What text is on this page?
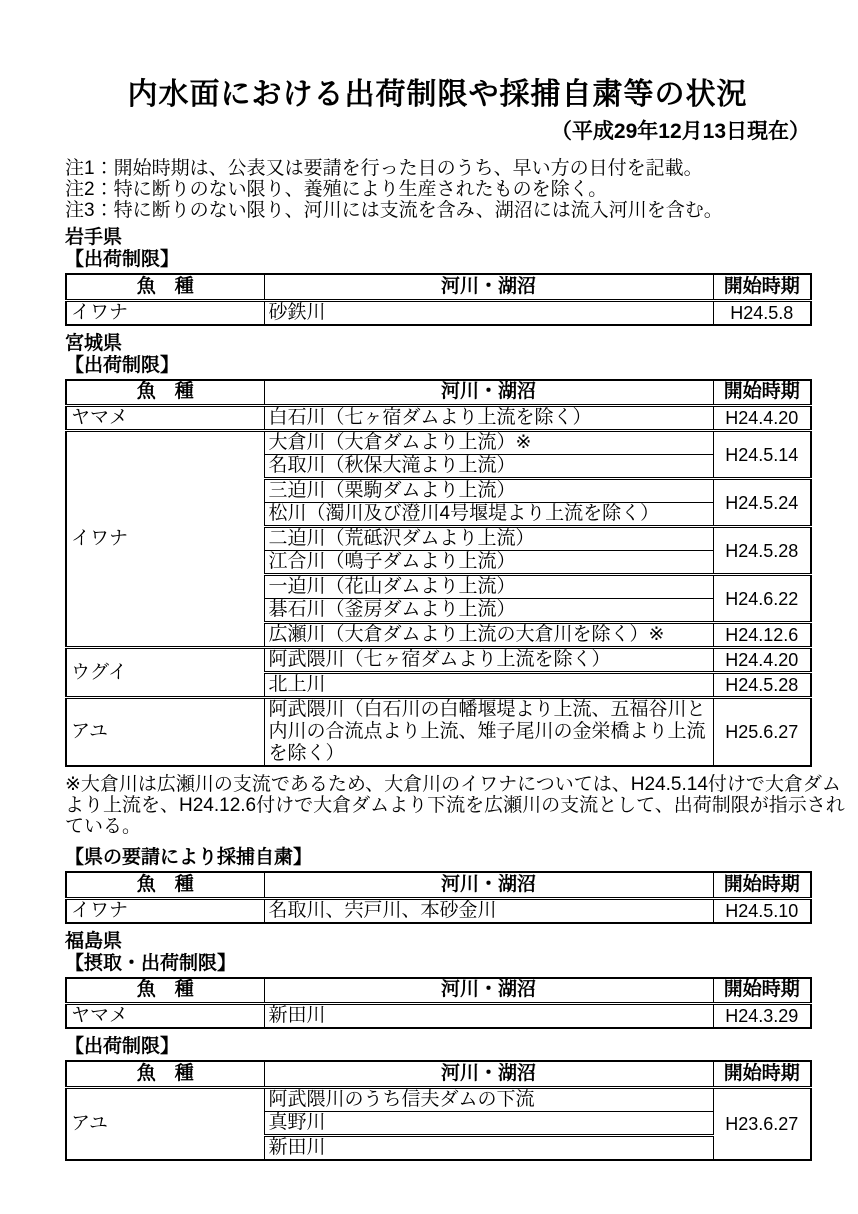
内水面における出荷制限や採捕自粛等の状況
（平成29年12月13日現在）
注1：開始時期は、公表又は要請を行った日のうち、早い方の日付を記載。
注2：特に断りのない限り、養殖により生産されたものを除く。
注3：特に断りのない限り、河川には支流を含み、湖沼には流入河川を含む。
岩手県
【出荷制限】
魚　種	河川・湖沼	開始時期
イワナ	砂鉄川	H24.5.8
宮城県
【出荷制限】
魚　種	河川・湖沼	開始時期
ヤマメ	白石川（七ヶ宿ダムより上流を除く）	H24.4.20
イワナ	大倉川（大倉ダムより上流）※	H24.5.14
	名取川（秋保大滝より上流）	
	三迫川（栗駒ダムより上流）	H24.5.24
	松川（濁川及び澄川4号堰堤より上流を除く）	
	二迫川（荒砥沢ダムより上流）	H24.5.28
	江合川（鳴子ダムより上流）	
	一迫川（花山ダムより上流）	H24.6.22
	碁石川（釜房ダムより上流）	
	広瀬川（大倉ダムより上流の大倉川を除く）※	H24.12.6
ウグイ	阿武隈川（七ヶ宿ダムより上流を除く）	H24.4.20
	北上川	H24.5.28
アユ	阿武隈川（白石川の白幡堰堤より上流、五福谷川と内川の合流点より上流、雉子尾川の金栄橋より上流を除く）	H25.6.27

※大倉川は広瀬川の支流であるため、大倉川のイワナについては、H24.5.14付けで大倉ダムより上流を、H24.12.6付けで大倉ダムより下流を広瀬川の支流として、出荷制限が指示されている。

【県の要請により採捕自粛】
魚　種	河川・湖沼	開始時期
イワナ	名取川、宍戸川、本砂金川	H24.5.10
福島県
【摂取・出荷制限】
魚　種	河川・湖沼	開始時期
ヤマメ	新田川	H24.3.29
【出荷制限】
魚　種	河川・湖沼	開始時期
アユ	阿武隈川のうち信夫ダムの下流	H23.6.27
	真野川	
	新田川	
